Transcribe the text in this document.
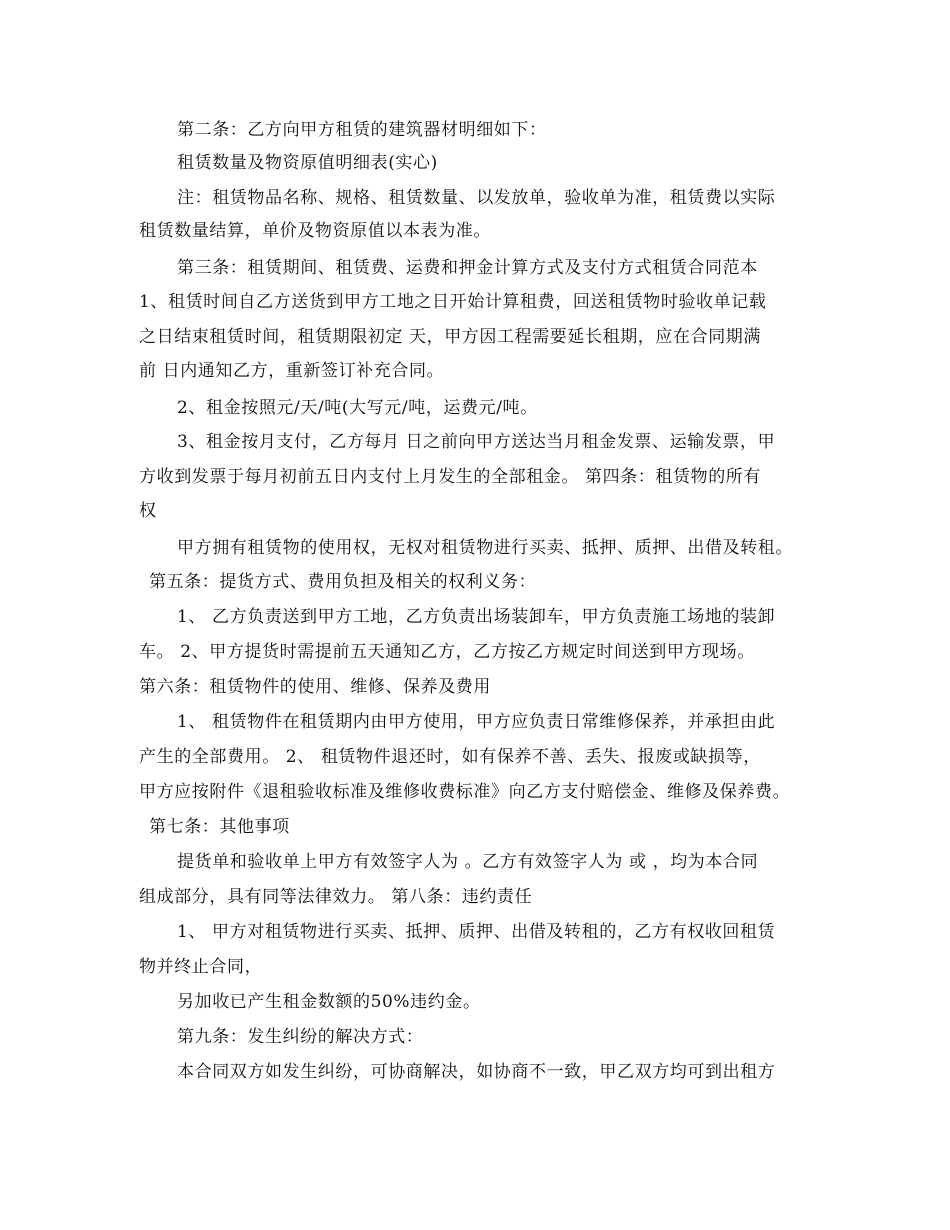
第二条：乙方向甲方租赁的建筑器材明细如下：
租赁数量及物资原值明细表(实心)
注：租赁物品名称、规格、租赁数量、以发放单，验收单为准，租赁费以实际
租赁数量结算，单价及物资原值以本表为准。
第三条：租赁期间、租赁费、运费和押金计算方式及支付方式租赁合同范本
1、租赁时间自乙方送货到甲方工地之日开始计算租费，回送租赁物时验收单记载
之日结束租赁时间，租赁期限初定 天，甲方因工程需要延长租期，应在合同期满
前 日内通知乙方，重新签订补充合同。
2、租金按照元/天/吨(大写元/吨，运费元/吨。
3、租金按月支付，乙方每月 日之前向甲方送达当月租金发票、运输发票，甲
方收到发票于每月初前五日内支付上月发生的全部租金。 第四条：租赁物的所有
权
甲方拥有租赁物的使用权，无权对租赁物进行买卖、抵押、质押、出借及转租。
第五条：提货方式、费用负担及相关的权利义务：
1、 乙方负责送到甲方工地，乙方负责出场装卸车，甲方负责施工场地的装卸
车。 2、甲方提货时需提前五天通知乙方，乙方按乙方规定时间送到甲方现场。
第六条：租赁物件的使用、维修、保养及费用
1、 租赁物件在租赁期内由甲方使用，甲方应负责日常维修保养，并承担由此
产生的全部费用。 2、 租赁物件退还时，如有保养不善、丢失、报废或缺损等，
甲方应按附件《退租验收标准及维修收费标准》向乙方支付赔偿金、维修及保养费。
第七条：其他事项
提货单和验收单上甲方有效签字人为 。乙方有效签字人为 或 ，均为本合同
组成部分，具有同等法律效力。 第八条：违约责任
1、 甲方对租赁物进行买卖、抵押、质押、出借及转租的，乙方有权收回租赁
物并终止合同，
另加收已产生租金数额的50%违约金。
第九条：发生纠纷的解决方式：
本合同双方如发生纠纷，可协商解决，如协商不一致，甲乙双方均可到出租方
